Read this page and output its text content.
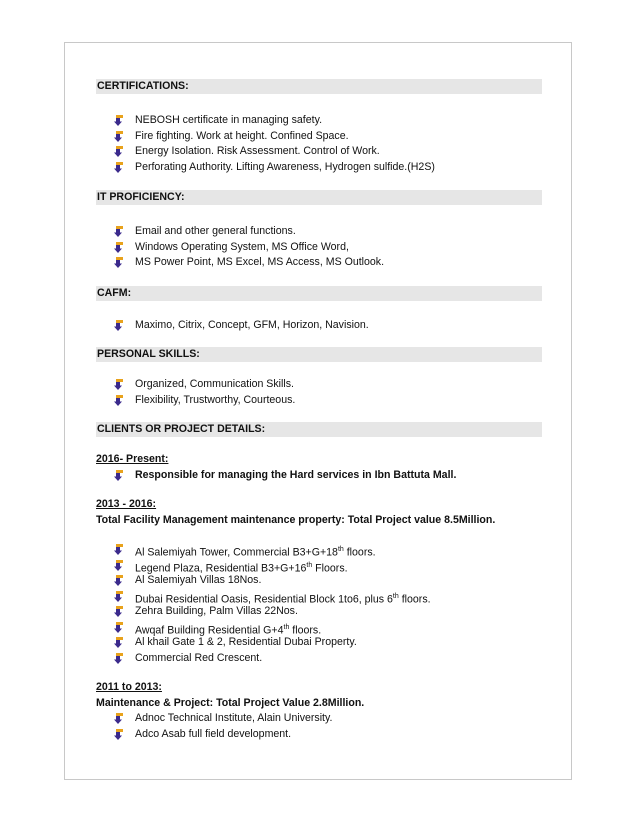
CERTIFICATIONS:
NEBOSH certificate in managing safety.
Fire fighting. Work at height. Confined Space.
Energy Isolation. Risk Assessment. Control of Work.
Perforating Authority. Lifting Awareness, Hydrogen sulfide.(H2S)
IT PROFICIENCY:
Email and other general functions.
Windows Operating System, MS Office Word,
MS Power Point, MS Excel, MS Access, MS Outlook.
CAFM:
Maximo, Citrix, Concept, GFM, Horizon, Navision.
PERSONAL SKILLS:
Organized, Communication Skills.
Flexibility, Trustworthy, Courteous.
CLIENTS OR PROJECT DETAILS:
2016- Present:
Responsible for managing the Hard services in Ibn Battuta Mall.
2013 - 2016:
Total Facility Management maintenance property: Total Project value 8.5Million.
Al Salemiyah Tower, Commercial B3+G+18th floors.
Legend Plaza, Residential B3+G+16th Floors.
Al Salemiyah Villas 18Nos.
Dubai Residential Oasis, Residential Block 1to6, plus 6th floors.
Zehra Building, Palm Villas 22Nos.
Awqaf Building Residential G+4th floors.
Al khail Gate 1 & 2, Residential Dubai Property.
Commercial Red Crescent.
2011 to 2013:
Maintenance & Project: Total Project Value 2.8Million.
Adnoc Technical Institute, Alain University.
Adco Asab full field development.
